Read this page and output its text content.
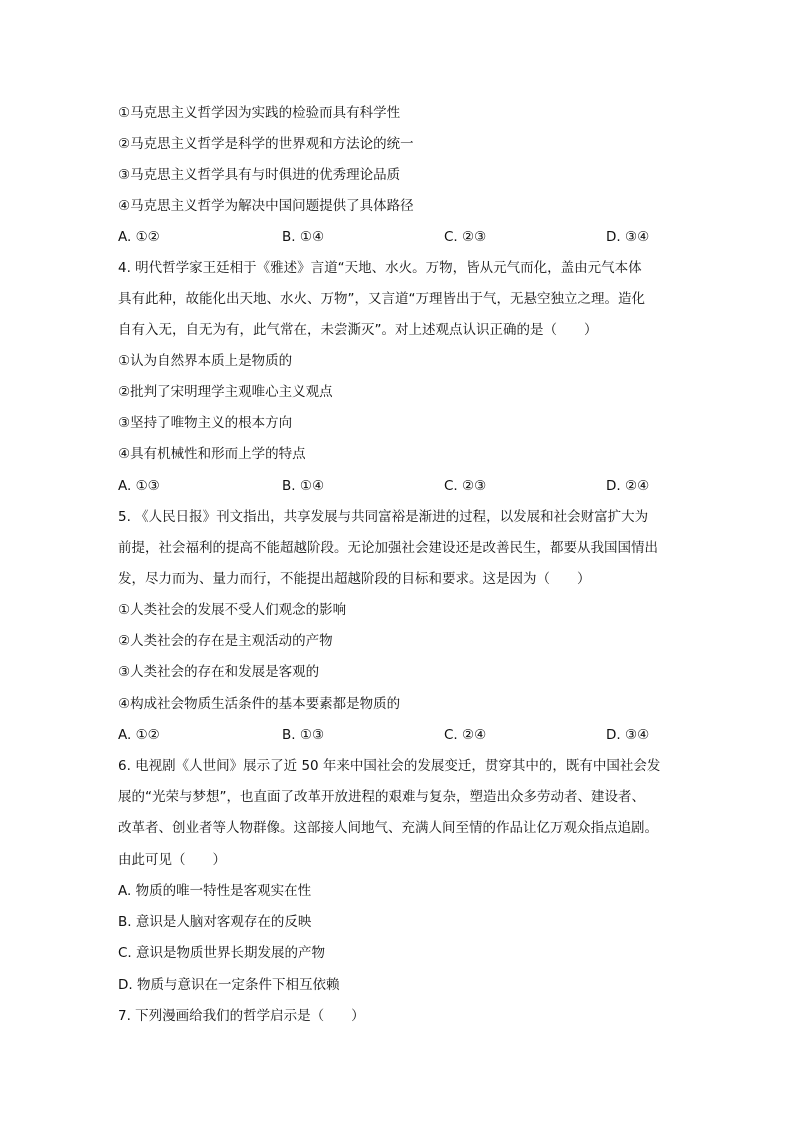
①马克思主义哲学因为实践的检验而具有科学性
②马克思主义哲学是科学的世界观和方法论的统一
③马克思主义哲学具有与时俱进的优秀理论品质
④马克思主义哲学为解决中国问题提供了具体路径
A. ①②	B. ①④	C. ②③	D. ③④
4. 明代哲学家王廷相于《雅述》言道“天地、水火。万物，皆从元气而化，盖由元气本体
具有此种，故能化出天地、水火、万物”，又言道“万理皆出于气，无悬空独立之理。造化
自有入无，自无为有，此气常在，未尝澌灭”。对上述观点认识正确的是（　　）
①认为自然界本质上是物质的
②批判了宋明理学主观唯心主义观点
③坚持了唯物主义的根本方向
④具有机械性和形而上学的特点
A. ①③	B. ①④	C. ②③	D. ②④
5. 《人民日报》刊文指出，共享发展与共同富裕是渐进的过程，以发展和社会财富扩大为
前提，社会福利的提高不能超越阶段。无论加强社会建设还是改善民生，都要从我国国情出
发，尽力而为、量力而行，不能提出超越阶段的目标和要求。这是因为（　　）
①人类社会的发展不受人们观念的影响
②人类社会的存在是主观活动的产物
③人类社会的存在和发展是客观的
④构成社会物质生活条件的基本要素都是物质的
A. ①②	B. ①③	C. ②④	D. ③④
6. 电视剧《人世间》展示了近 50 年来中国社会的发展变迁，贯穿其中的，既有中国社会发
展的“光荣与梦想”，也直面了改革开放进程的艰难与复杂，塑造出众多劳动者、建设者、
改革者、创业者等人物群像。这部接人间地气、充满人间至情的作品让亿万观众指点追剧。
由此可见（　　）
A. 物质的唯一特性是客观实在性
B. 意识是人脑对客观存在的反映
C. 意识是物质世界长期发展的产物
D. 物质与意识在一定条件下相互依赖
7. 下列漫画给我们的哲学启示是（　　）
